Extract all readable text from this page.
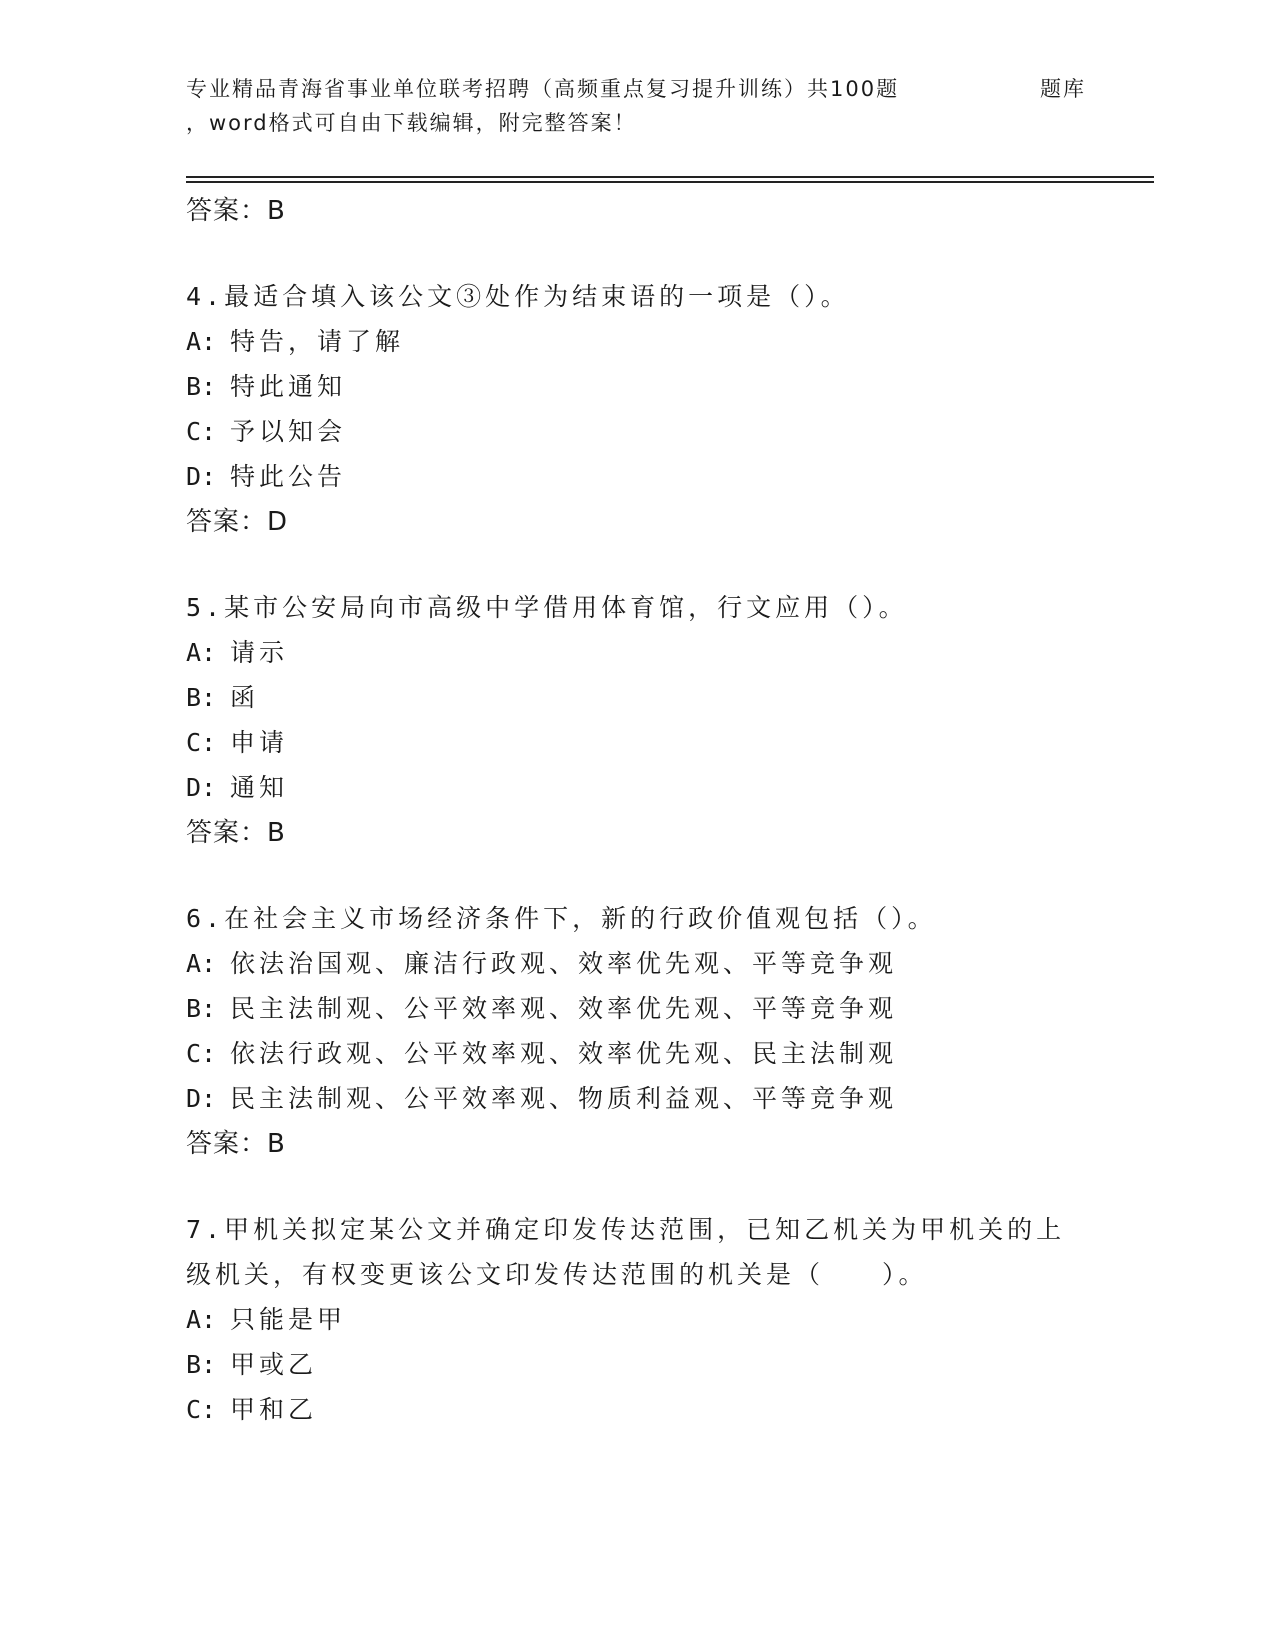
专业精品青海省事业单位联考招聘（高频重点复习提升训练）共100题	题库
，word格式可自由下载编辑，附完整答案！
答案：B
4.最适合填入该公文③处作为结束语的一项是（）。
A: 特告，请了解
B: 特此通知
C: 予以知会
D: 特此公告
答案：D
5.某市公安局向市高级中学借用体育馆，行文应用（）。
A: 请示
B: 函
C: 申请
D: 通知
答案：B
6.在社会主义市场经济条件下，新的行政价值观包括（）。
A: 依法治国观、廉洁行政观、效率优先观、平等竞争观
B: 民主法制观、公平效率观、效率优先观、平等竞争观
C: 依法行政观、公平效率观、效率优先观、民主法制观
D: 民主法制观、公平效率观、物质利益观、平等竞争观
答案：B
7.甲机关拟定某公文并确定印发传达范围，已知乙机关为甲机关的上
级机关，有权变更该公文印发传达范围的机关是（　　）。
A: 只能是甲
B: 甲或乙
C: 甲和乙
